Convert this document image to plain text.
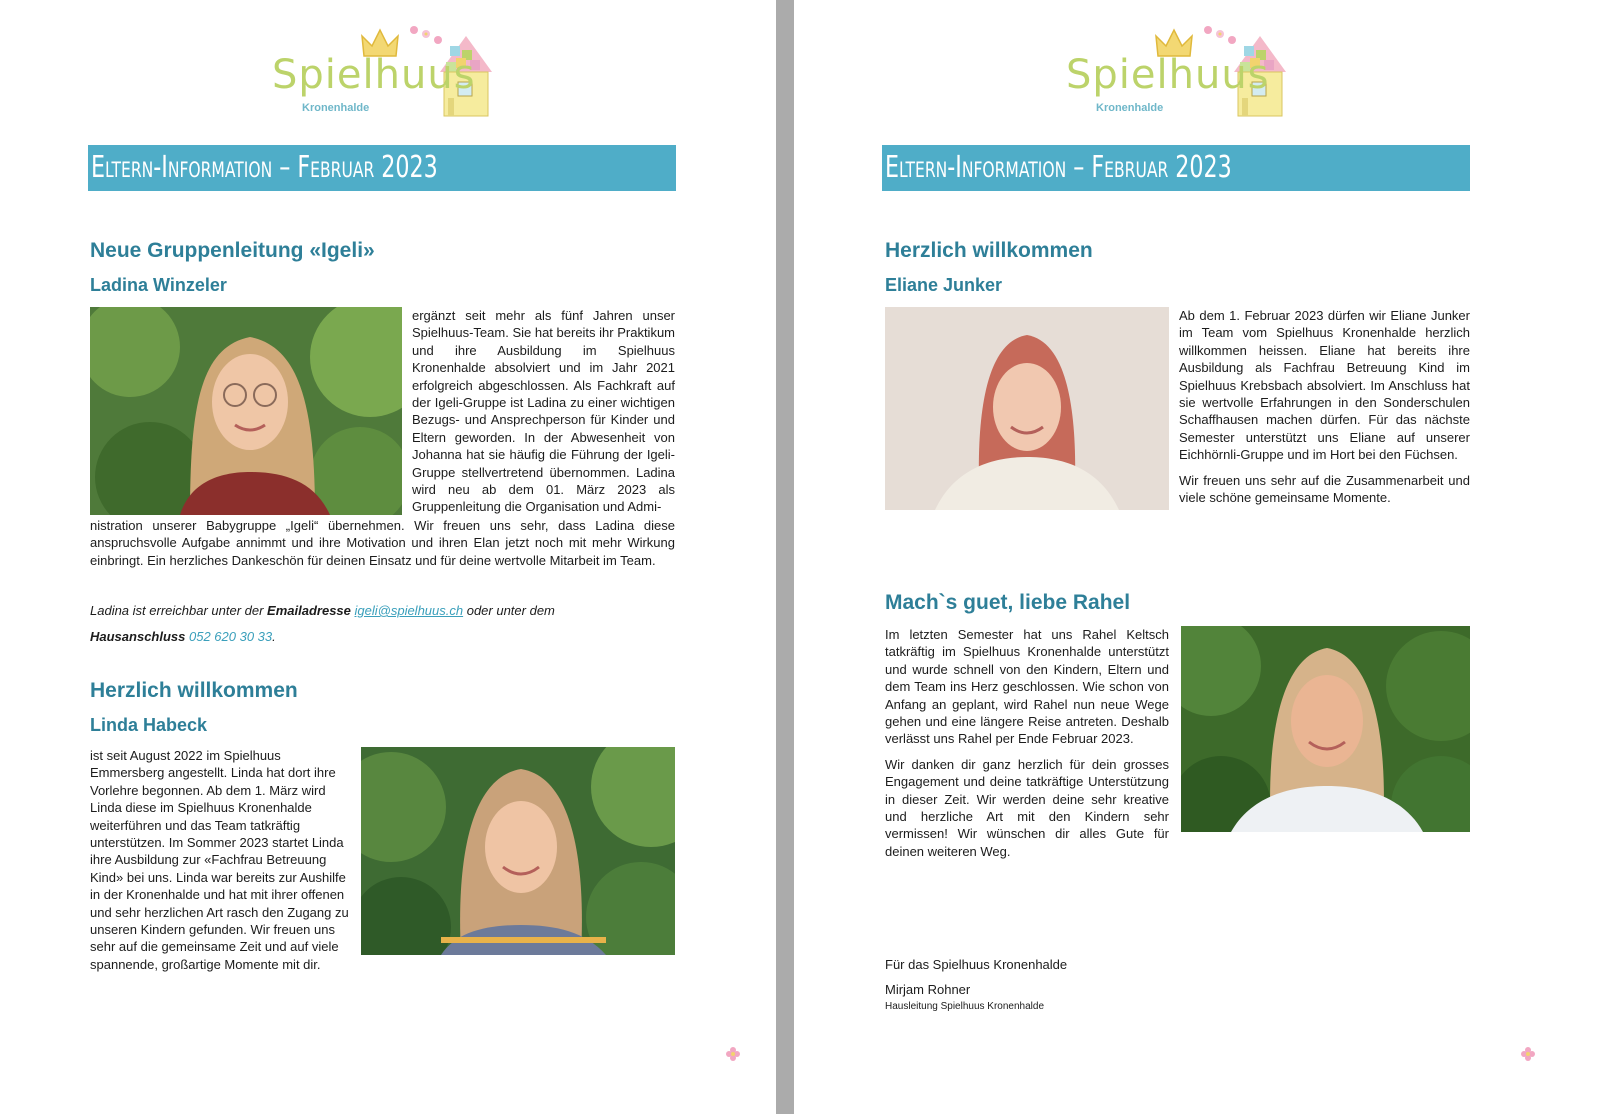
Spielhuus
Kronenhalde
Eltern-Information – Februar 2023
Neue Gruppenleitung «Igeli»
Ladina Winzeler
ergänzt seit mehr als fünf Jahren unser Spielhuus-Team. Sie hat bereits ihr Praktikum und ihre Ausbildung im Spielhuus Kronenhalde absolviert und im Jahr 2021 erfolgreich abgeschlossen. Als Fachkraft auf der Igeli-Gruppe ist Ladina zu einer wichtigen Bezugs- und Ansprechperson für Kinder und Eltern geworden. In der Abwesenheit von Johanna hat sie häufig die Führung der Igeli-Gruppe stellvertretend übernommen. Ladina wird neu ab dem 01. März 2023 als Gruppenleitung die Organisation und Admi-
nistration unserer Babygruppe „Igeli“ übernehmen. Wir freuen uns sehr, dass Ladina diese anspruchsvolle Aufgabe annimmt und ihre Motivation und ihren Elan jetzt noch mit mehr Wirkung einbringt. Ein herzliches Dankeschön für deinen Einsatz und für deine wertvolle Mitarbeit im Team.
Ladina ist erreichbar unter der Emailadresse igeli@spielhuus.ch oder unter dem
Hausanschluss 052 620 30 33.
Herzlich willkommen
Linda Habeck
ist seit August 2022 im Spielhuus Emmersberg angestellt. Linda hat dort ihre Vorlehre begonnen. Ab dem 1. März wird Linda diese im Spielhuus Kronenhalde weiterführen und das Team tatkräftig unterstützen. Im Sommer 2023 startet Linda ihre Ausbildung zur «Fachfrau Betreuung Kind» bei uns. Linda war bereits zur Aushilfe in der Kronenhalde und hat mit ihrer offenen und sehr herzlichen Art rasch den Zugang zu unseren Kindern gefunden. Wir freuen uns sehr auf die gemeinsame Zeit und auf viele spannende, großartige Momente mit dir.
Spielhuus
Kronenhalde
Eltern-Information – Februar 2023
Herzlich willkommen
Eliane Junker

Ab dem 1. Februar 2023 dürfen wir Eliane Junker im Team vom Spielhuus Kronenhalde herzlich willkommen heissen. Eliane hat bereits ihre Ausbildung als Fachfrau Betreuung Kind im Spielhuus Krebsbach absolviert. Im Anschluss hat sie wertvolle Erfahrungen in den Sonderschulen Schaffhausen machen dürfen. Für das nächste Semester unterstützt uns Eliane auf unserer Eichhörnli-Gruppe und im Hort bei den Füchsen.

Wir freuen uns sehr auf die Zusammenarbeit und viele schöne gemeinsame Momente.

Mach`s guet, liebe Rahel

Im letzten Semester hat uns Rahel Keltsch tatkräftig im Spielhuus Kronenhalde unterstützt und wurde schnell von den Kindern, Eltern und dem Team ins Herz geschlossen. Wie schon von Anfang an geplant, wird Rahel nun neue Wege gehen und eine längere Reise antreten. Deshalb verlässt uns Rahel per Ende Februar 2023.

Wir danken dir ganz herzlich für dein grosses Engagement und deine tatkräftige Unterstützung in dieser Zeit. Wir werden deine sehr kreative und herzliche Art mit den Kindern sehr vermissen! Wir wünschen dir alles Gute für deinen weiteren Weg.

Für das Spielhuus Kronenhalde
Mirjam Rohner
Hausleitung Spielhuus Kronenhalde
